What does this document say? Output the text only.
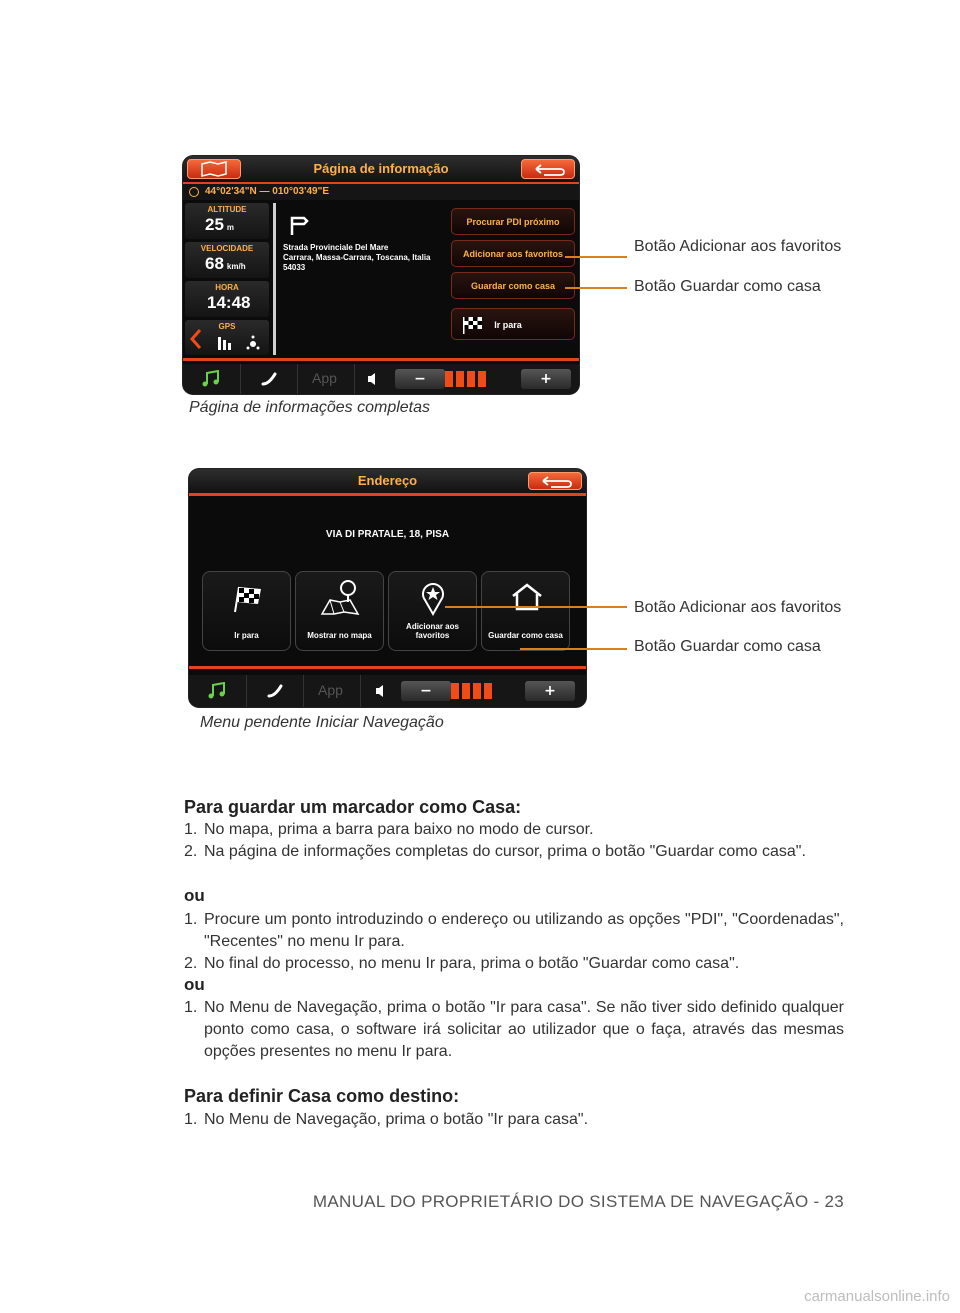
Página de informação
44°02'34"N — 010°03'49"E
ALTITUDE
25 m
VELOCIDADE
68 km/h
HORA
14:48
GPS
Strada Provinciale Del Mare
Carrara, Massa-Carrara, Toscana, Italia
54033
Procurar PDI próximo
Adicionar aos favoritos
Guardar como casa
Ir para
App	−	+
Página de informações completas
Botão Adicionar aos favoritos
Botão Guardar como casa
Endereço
VIA DI PRATALE, 18, PISA
Ir para	Mostrar no mapa
Adicionar aos favoritos	Guardar como casa
App	−	+
Menu pendente Iniciar Navegação
Botão Adicionar aos favoritos
Botão Guardar como casa
Para guardar um marcador como Casa:
1. No mapa, prima a barra para baixo no modo de cursor.
2. Na página de informações completas do cursor, prima o botão "Guardar como casa".
ou
1. Procure um ponto introduzindo o endereço ou utilizando as opções "PDI", "Coordenadas", "Recentes" no menu Ir para.
2. No final do processo, no menu Ir para, prima o botão "Guardar como casa".
ou
1. No Menu de Navegação, prima o botão "Ir para casa". Se não tiver sido definido qualquer ponto como casa, o software irá solicitar ao utilizador que o faça, através das mesmas opções presentes no menu Ir para.
Para definir Casa como destino:
1. No Menu de Navegação, prima o botão "Ir para casa".
MANUAL DO PROPRIETÁRIO DO SISTEMA DE NAVEGAÇÃO - 23
carmanualsonline.info
